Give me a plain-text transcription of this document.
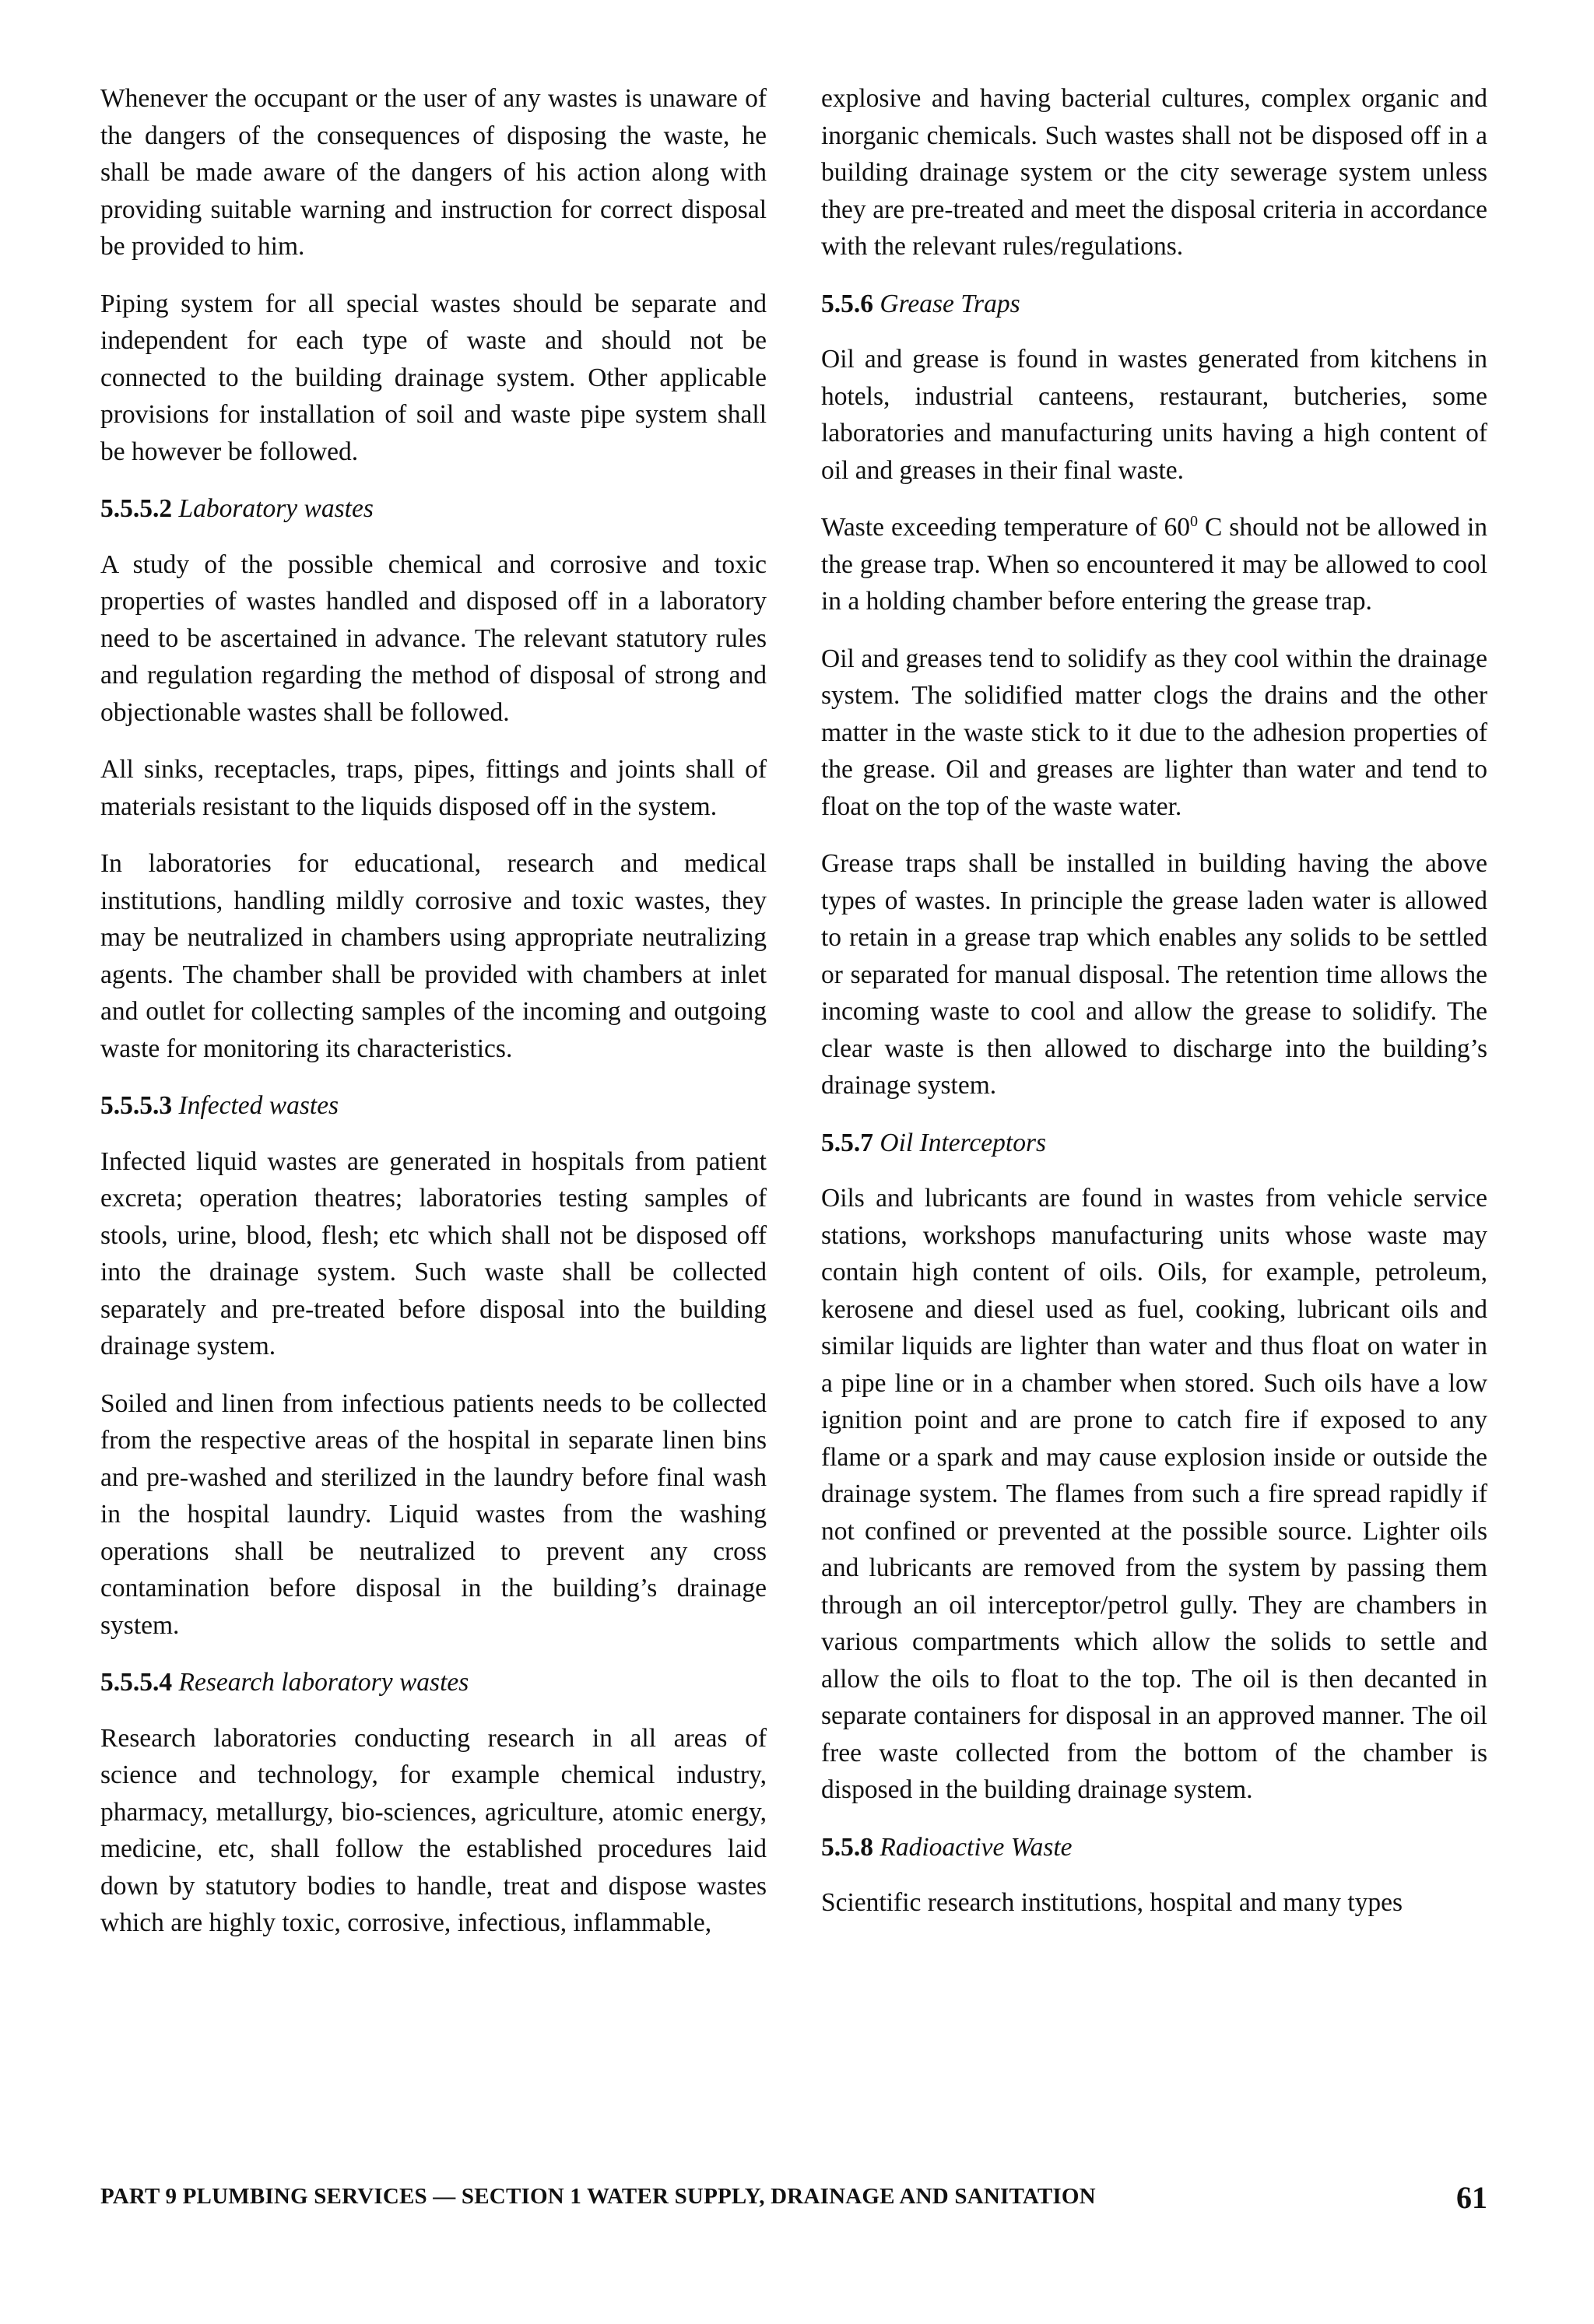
Whenever the occupant or the user of any wastes is unaware of the dangers of the consequences of disposing the waste, he shall be made aware of the dangers of his action along with providing suitable warning and instruction for correct disposal be provided to him.

Piping system for all special wastes should be separate and independent for each type of waste and should not be connected to the building drainage system. Other applicable provisions for installation of soil and waste pipe system shall be however be followed.

5.5.5.2 Laboratory wastes

A study of the possible chemical and corrosive and toxic properties of wastes handled and disposed off in a laboratory need to be ascertained in advance. The relevant statutory rules and regulation regarding the method of disposal of strong and objectionable wastes shall be followed.

All sinks, receptacles, traps, pipes, fittings and joints shall of materials resistant to the liquids disposed off in the system.

In laboratories for educational, research and medical institutions, handling mildly corrosive and toxic wastes, they may be neutralized in chambers using appropriate neutralizing agents. The chamber shall be provided with chambers at inlet and outlet for collecting samples of the incoming and outgoing waste for monitoring its characteristics.

5.5.5.3 Infected wastes

Infected liquid wastes are generated in hospitals from patient excreta; operation theatres; laboratories testing samples of stools, urine, blood, flesh; etc which shall not be disposed off into the drainage system. Such waste shall be collected separately and pre-treated before disposal into the building drainage system.

Soiled and linen from infectious patients needs to be collected from the respective areas of the hospital in separate linen bins and pre-washed and sterilized in the laundry before final wash in the hospital laundry. Liquid wastes from the washing operations shall be neutralized to prevent any cross contamination before disposal in the building’s drainage system.

5.5.5.4 Research laboratory wastes

Research laboratories conducting research in all areas of science and technology, for example chemical industry, pharmacy, metallurgy, bio-sciences, agriculture, atomic energy, medicine, etc, shall follow the established procedures laid down by statutory bodies to handle, treat and dispose wastes which are highly toxic, corrosive, infectious, inflammable,

explosive and having bacterial cultures, complex organic and inorganic chemicals. Such wastes shall not be disposed off in a building drainage system or the city sewerage system unless they are pre-treated and meet the disposal criteria in accordance with the relevant rules/regulations.

5.5.6 Grease Traps

Oil and grease is found in wastes generated from kitchens in hotels, industrial canteens, restaurant, butcheries, some laboratories and manufacturing units having a high content of oil and greases in their final waste.

Waste exceeding temperature of $60^0$ C should not be allowed in the grease trap. When so encountered it may be allowed to cool in a holding chamber before entering the grease trap.

Oil and greases tend to solidify as they cool within the drainage system. The solidified matter clogs the drains and the other matter in the waste stick to it due to the adhesion properties of the grease. Oil and greases are lighter than water and tend to float on the top of the waste water.

Grease traps shall be installed in building having the above types of wastes. In principle the grease laden water is allowed to retain in a grease trap which enables any solids to be settled or separated for manual disposal. The retention time allows the incoming waste to cool and allow the grease to solidify. The clear waste is then allowed to discharge into the building’s drainage system.

5.5.7 Oil Interceptors

Oils and lubricants are found in wastes from vehicle service stations, workshops manufacturing units whose waste may contain high content of oils. Oils, for example, petroleum, kerosene and diesel used as fuel, cooking, lubricant oils and similar liquids are lighter than water and thus float on water in a pipe line or in a chamber when stored. Such oils have a low ignition point and are prone to catch fire if exposed to any flame or a spark and may cause explosion inside or outside the drainage system. The flames from such a fire spread rapidly if not confined or prevented at the possible source. Lighter oils and lubricants are removed from the system by passing them through an oil interceptor/petrol gully. They are chambers in various compartments which allow the solids to settle and allow the oils to float to the top. The oil is then decanted in separate containers for disposal in an approved manner. The oil free waste collected from the bottom of the chamber is disposed in the building drainage system.

5.5.8 Radioactive Waste

Scientific research institutions, hospital and many types

PART 9 PLUMBING SERVICES — SECTION 1 WATER SUPPLY, DRAINAGE AND SANITATION	61
